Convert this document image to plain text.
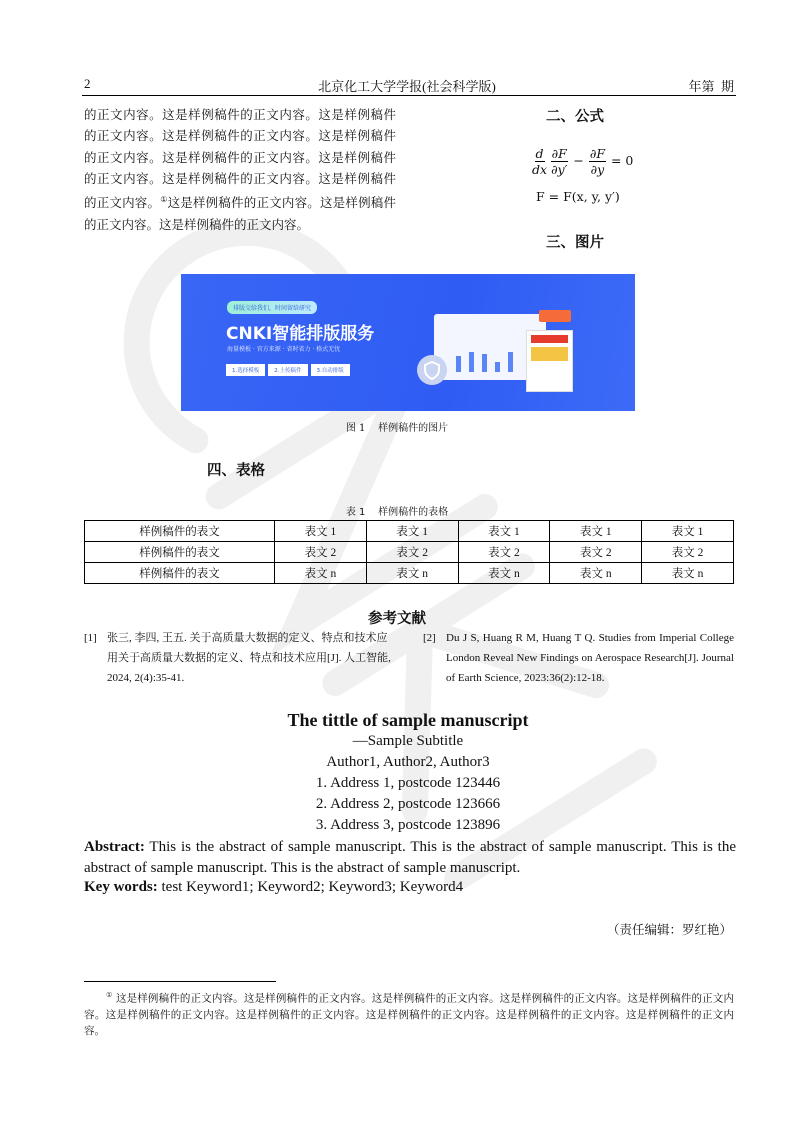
2	北京化工大学学报(社会科学版)	年第  期
的正文内容。这是样例稿件的正文内容。这是样例稿件的正文内容。这是样例稿件的正文内容。这是样例稿件的正文内容。这是样例稿件的正文内容。这是样例稿件的正文内容。这是样例稿件的正文内容。这是样例稿件的正文内容。①这是样例稿件的正文内容。这是样例稿件的正文内容。这是样例稿件的正文内容。
二、公式
$\frac{d}{dx} \frac{\partial F}{\partial y'} - \frac{\partial F}{\partial y} = 0$
F = F(x, y, y′)
三、图片
排版交给我们，时间留给研究
CNKI智能排版服务
海量模板 · 官方来源 · 省时省力 · 格式无忧
1.选择模板	2.上传稿件	3.自动排版
图 1    样例稿件的图片
四、表格
表 1    样例稿件的表格
样例稿件的表文	表文 1	表文 1	表文 1	表文 1	表文 1
样例稿件的表文	表文 2	表文 2	表文 2	表文 2	表文 2
样例稿件的表文	表文 n	表文 n	表文 n	表文 n	表文 n
参考文献
[1] 张三, 李四, 王五. 关于高质量大数据的定义、特点和技术应用关于高质量大数据的定义、特点和技术应用[J]. 人工智能, 2024, 2(4):35-41.
[2] Du J S, Huang R M, Huang T Q. Studies from Imperial College London Reveal New Findings on Aerospace Research[J]. Journal of Earth Science, 2023:36(2):12-18.
The tittle of sample manuscript
—Sample Subtitle
Author1, Author2, Author3
1. Address 1, postcode 123446
2. Address 2, postcode 123666
3. Address 3, postcode 123896
Abstract: This is the abstract of sample manuscript. This is the abstract of sample manuscript. This is the abstract of sample manuscript. This is the abstract of sample manuscript.
Key words: test Keyword1; Keyword2; Keyword3; Keyword4
（责任编辑：罗红艳）
① 这是样例稿件的正文内容。这是样例稿件的正文内容。这是样例稿件的正文内容。这是样例稿件的正文内容。这是样例稿件的正文内容。这是样例稿件的正文内容。这是样例稿件的正文内容。这是样例稿件的正文内容。这是样例稿件的正文内容。这是样例稿件的正文内容。
